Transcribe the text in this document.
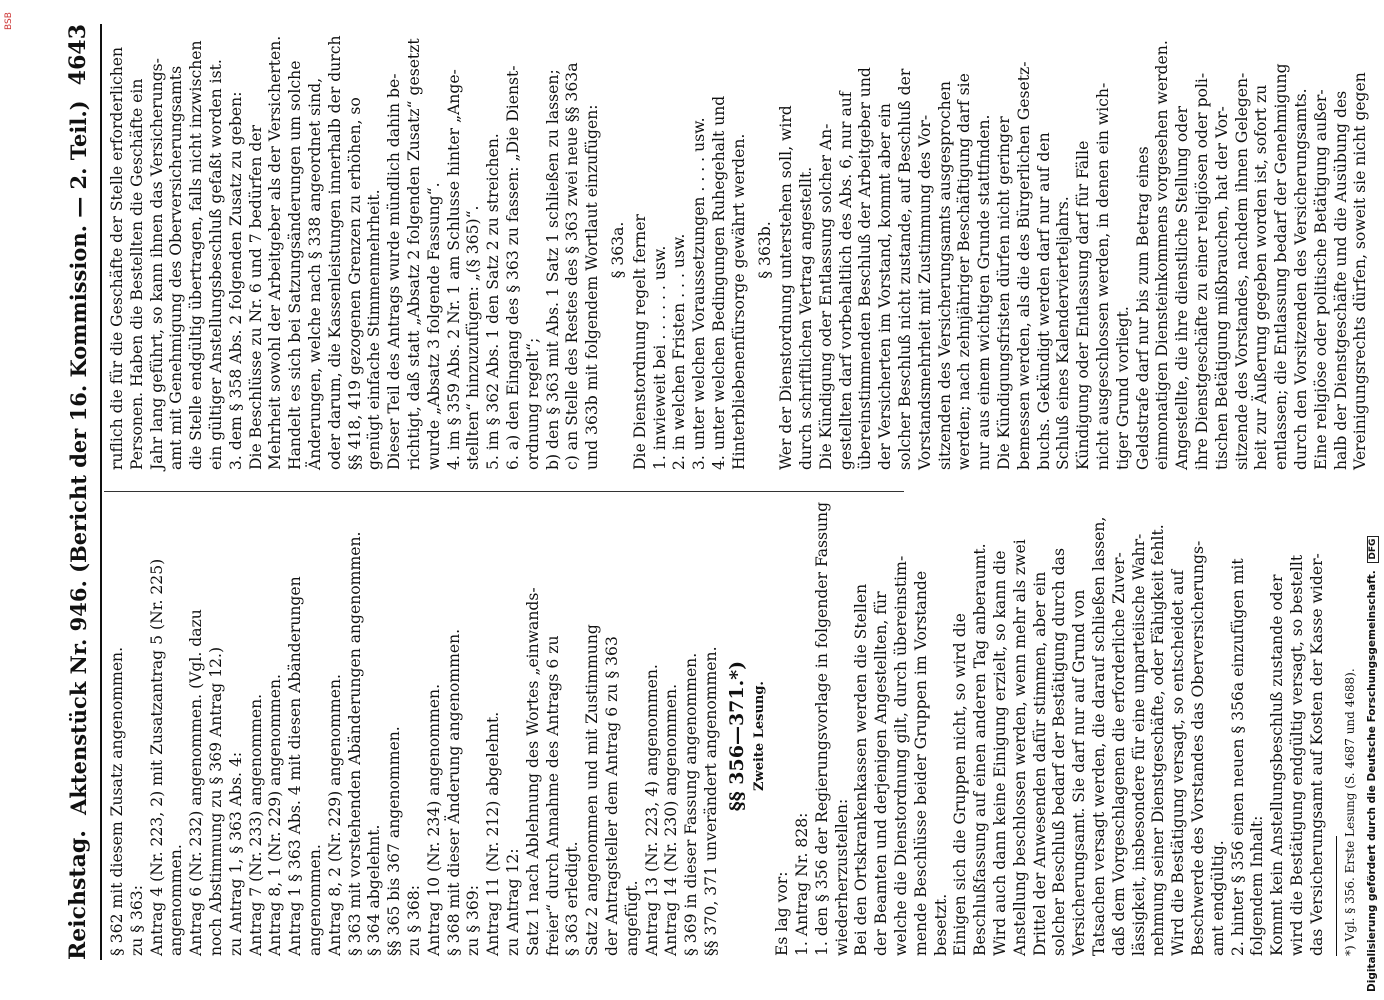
Reichstag.
Aktenstück Nr. 946. (Bericht der 16. Kommission. — 2. Teil.)
4643
§ 362 mit diesem Zusatz angenommen. zu § 363: Antrag 4 (Nr. 223, 2) mit Zusatzantrag 5 (Nr. 225) angenommen. Antrag 6 (Nr. 232) angenommen. (Vgl. dazu noch Abstimmung zu § 369 Antrag 12.) zu Antrag 1, § 363 Abs. 4: Antrag 7 (Nr. 233) angenommen. Antrag 8, 1 (Nr. 229) angenommen. Antrag 1 § 363 Abs. 4 mit diesen Abänderungen angenommen. Antrag 8, 2 (Nr. 229) angenommen. § 363 mit vorstehenden Abänderungen angenommen. § 364 abgelehnt. §§ 365 bis 367 angenommen. zu § 368: Antrag 10 (Nr. 234) angenommen. § 368 mit dieser Änderung angenommen. zu § 369: Antrag 11 (Nr. 212) abgelehnt. zu Antrag 12: Satz 1 nach Ablehnung des Wortes „einwands- freier“ durch Annahme des Antrags 6 zu § 363 erledigt. Satz 2 angenommen und mit Zustimmung der Antragsteller dem Antrag 6 zu § 363 angefügt. Antrag 13 (Nr. 223, 4) angenommen. Antrag 14 (Nr. 230) angenommen. § 369 in dieser Fassung angenommen. §§ 370, 371 unverändert angenommen. §§ 356—371.*) Zweite Lesung.
Es lag vor: 1. Antrag Nr. 828: 1. den § 356 der Regierungsvorlage in folgender Fassung wiederherzustellen: Bei den Ortskrankenkassen werden die Stellen der Beamten und derjenigen Angestellten, für welche die Dienstordnung gilt, durch übereinstim- mende Beschlüsse beider Gruppen im Vorstande besetzt. Einigen sich die Gruppen nicht, so wird die Beschlußfassung auf einen anderen Tag anberaumt. Wird auch dann keine Einigung erzielt, so kann die Anstellung beschlossen werden, wenn mehr als zwei Drittel der Anwesenden dafür stimmen, aber ein solcher Beschluß bedarf der Bestätigung durch das Versicherungsamt. Sie darf nur auf Grund von Tatsachen versagt werden, die darauf schließen lassen, daß dem Vorgeschlagenen die erforderliche Zuver- lässigkeit, insbesondere für eine unparteiische Wahr- nehmung seiner Dienstgeschäfte, oder Fähigkeit fehlt. Wird die Bestätigung versagt, so entscheidet auf Beschwerde des Vorstandes das Oberversicherungs- amt endgültig. 2. hinter § 356 einen neuen § 356a einzufügen mit folgendem Inhalt: Kommt kein Anstellungsbeschluß zustande oder wird die Bestätigung endgültig versagt, so bestellt das Versicherungsamt auf Kosten der Kasse wider- *) Vgl. § 356. Erste Lesung (S. 4687 und 4688).
ruflich die für die Geschäfte der Stelle erforderlichen Personen. Haben die Bestellten die Geschäfte ein Jahr lang geführt, so kann ihnen das Versicherungs- amt mit Genehmigung des Oberversicherungsamts die Stelle endgültig übertragen, falls nicht inzwischen ein gültiger Anstellungsbeschluß gefaßt worden ist. 3. dem § 358 Abs. 2 folgenden Zusatz zu geben: Die Beschlüsse zu Nr. 6 und 7 bedürfen der Mehrheit sowohl der Arbeitgeber als der Versicherten. Handelt es sich bei Satzungsänderungen um solche Änderungen, welche nach § 338 angeordnet sind, oder darum, die Kassenleistungen innerhalb der durch §§ 418, 419 gezogenen Grenzen zu erhöhen, so genügt einfache Stimmenmehrheit. Dieser Teil des Antrags wurde mündlich dahin be- richtigt, daß statt „Absatz 2 folgenden Zusatz“ gesetzt wurde „Absatz 3 folgende Fassung“. 4. im § 359 Abs. 2 Nr. 1 am Schlusse hinter „Ange- stellten“ hinzuzufügen: „(§ 365)“. 5. im § 362 Abs. 1 den Satz 2 zu streichen. 6. a) den Eingang des § 363 zu fassen: „Die Dienst- ordnung regelt“; b) den § 363 mit Abs. 1 Satz 1 schließen zu lassen; c) an Stelle des Restes des § 363 zwei neue §§ 363a und 363b mit folgendem Wortlaut einzufügen: § 363a. Die Dienstordnung regelt ferner 1. inwieweit bei . . . . . . usw. 2. in welchen Fristen . . . usw. 3. unter welchen Voraussetzungen . . . . usw. 4. unter welchen Bedingungen Ruhegehalt und Hinterbliebenenfürsorge gewährt werden. § 363b. Wer der Dienstordnung unterstehen soll, wird durch schriftlichen Vertrag angestellt. Die Kündigung oder Entlassung solcher An- gestellten darf vorbehaltlich des Abs. 6, nur auf übereinstimmenden Beschluß der Arbeitgeber und der Versicherten im Vorstand, kommt aber ein solcher Beschluß nicht zustande, auf Beschluß der Vorstandsmehrheit mit Zustimmung des Vor- sitzenden des Versicherungsamts ausgesprochen werden; nach zehnjähriger Beschäftigung darf sie nur aus einem wichtigen Grunde stattfinden. Die Kündigungsfristen dürfen nicht geringer bemessen werden, als die des Bürgerlichen Gesetz- buchs. Gekündigt werden darf nur auf den Schluß eines Kalendervierteljahrs. Kündigung oder Entlassung darf für Fälle nicht ausgeschlossen werden, in denen ein wich- tiger Grund vorliegt. Geldstrafe darf nur bis zum Betrag eines einmonatigen Diensteinkommens vorgesehen werden. Angestellte, die ihre dienstliche Stellung oder ihre Dienstgeschäfte zu einer religiösen oder poli- tischen Betätigung mißbrauchen, hat der Vor- sitzende des Vorstandes, nachdem ihnen Gelegen- heit zur Äußerung gegeben worden ist, sofort zu entlassen; die Entlassung bedarf der Genehmigung durch den Vorsitzenden des Versicherungsamts. Eine religiöse oder politische Betätigung außer- halb der Dienstgeschäfte und die Ausübung des Vereinigungsrechts dürfen, soweit sie nicht gegen
Digitalisierung gefördert durch die Deutsche Forschungsgemeinschaft. DFG
BSB
